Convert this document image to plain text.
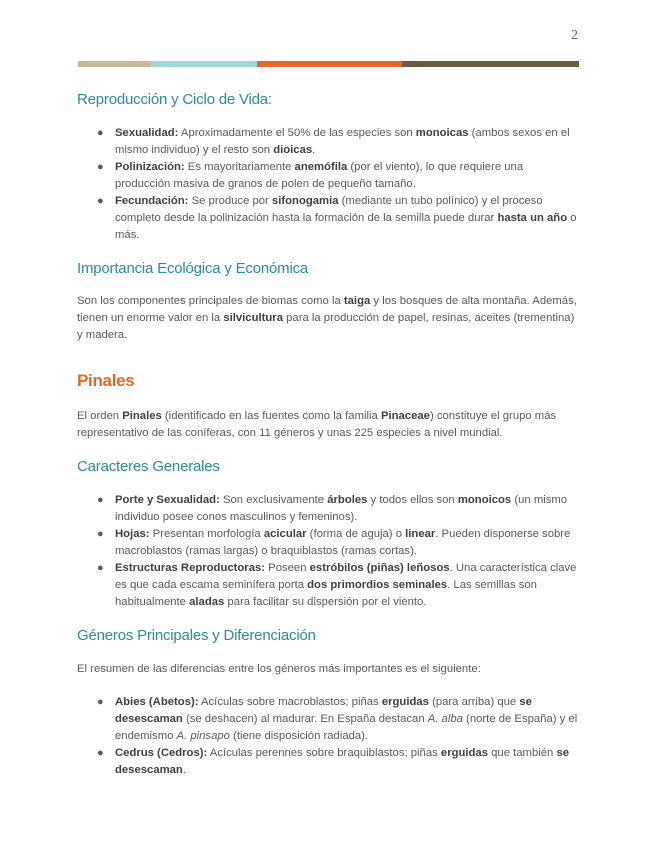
2
Reproducción y Ciclo de Vida:
● Sexualidad: Aproximadamente el 50% de las especies son monoicas (ambos sexos en el mismo individuo) y el resto son dioicas.
● Polinización: Es mayoritariamente anemófila (por el viento), lo que requiere una producción masiva de granos de polen de pequeño tamaño.
● Fecundación: Se produce por sifonogamia (mediante un tubo polínico) y el proceso completo desde la polinización hasta la formación de la semilla puede durar hasta un año o más.
Importancia Ecológica y Económica

Son los componentes principales de biomas como la taiga y los bosques de alta montaña. Además, tienen un enorme valor en la silvicultura para la producción de papel, resinas, aceites (trementina) y madera.

Pinales

El orden Pinales (identificado en las fuentes como la familia Pinaceae) constituye el grupo más representativo de las coníferas, con 11 géneros y unas 225 especies a nivel mundial.

Caracteres Generales
● Porte y Sexualidad: Son exclusivamente árboles y todos ellos son monoicos (un mismo individuo posee conos masculinos y femeninos).
● Hojas: Presentan morfología acicular (forma de aguja) o linear. Pueden disponerse sobre macroblastos (ramas largas) o braquiblastos (ramas cortas).
● Estructuras Reproductoras: Poseen estróbilos (piñas) leñosos. Una característica clave es que cada escama seminífera porta dos primordios seminales. Las semillas son habitualmente aladas para facilitar su dispersión por el viento.
Géneros Principales y Diferenciación

El resumen de las diferencias entre los géneros más importantes es el siguiente:

● Abies (Abetos): Acículas sobre macroblastos; piñas erguidas (para arriba) que se desescaman (se deshacen) al madurar. En España destacan A. alba (norte de España) y el endemismo A. pinsapo (tiene disposición radiada).
● Cedrus (Cedros): Acículas perennes sobre braquiblastos; piñas erguidas que también se desescaman.
